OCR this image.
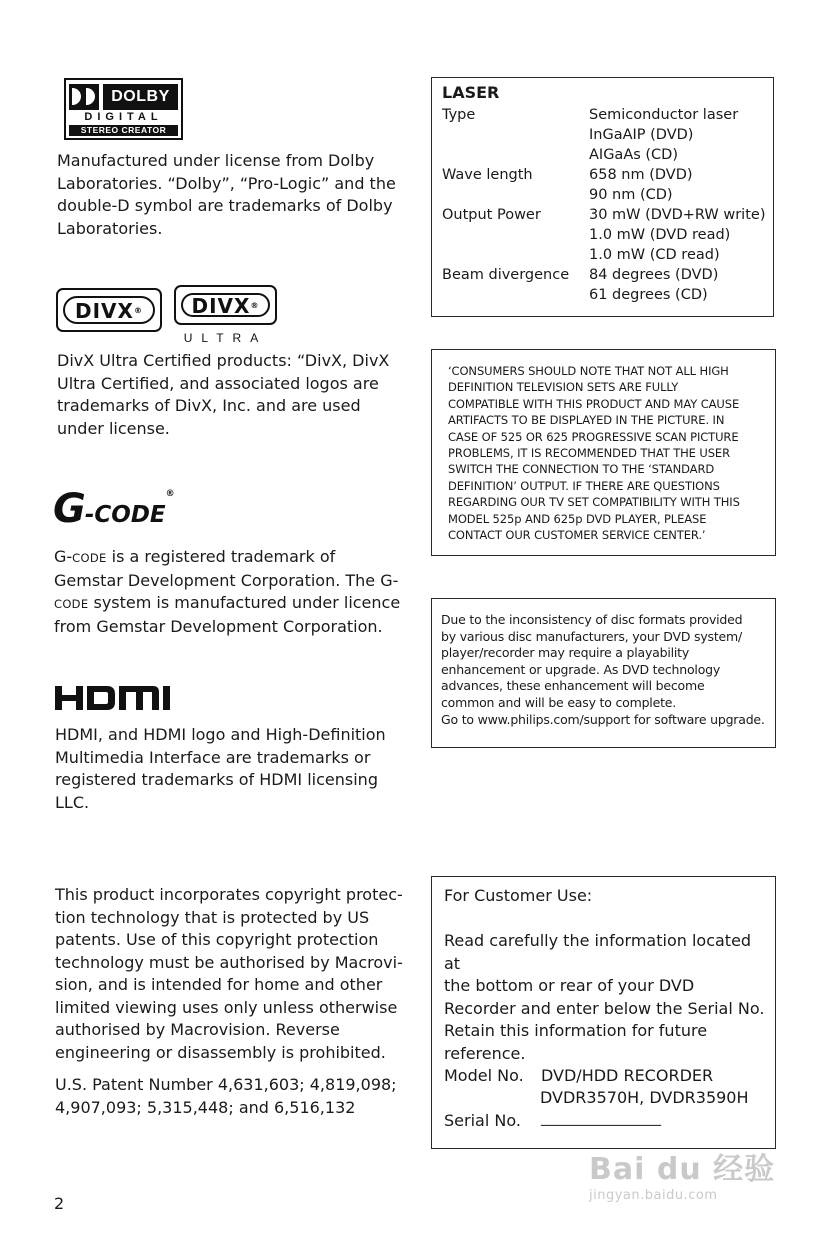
DOLBY
DIGITAL
STEREO CREATOR

Manufactured under license from Dolby Laboratories. “Dolby”, “Pro-Logic” and the double-D symbol are trademarks of Dolby Laboratories.

DIVX®	DIVX®
ULTRA

DivX Ultra Certified products: “DivX, DivX Ultra Certified, and associated logos are trademarks of DivX, Inc. and are used under license.

G-CODE®

G-CODE is a registered trademark of Gemstar Development Corporation. The G-CODE system is manufactured under licence from Gemstar Development Corporation.

HDMI, and HDMI logo and High-Definition Multimedia Interface are trademarks or registered trademarks of HDMI licensing LLC.

This product incorporates copyright protec-
tion technology that is protected by US
patents. Use of this copyright protection
technology must be authorised by Macrovi-
sion, and is intended for home and other
limited viewing uses only unless otherwise
authorised by Macrovision. Reverse
engineering or disassembly is prohibited.
U.S. Patent Number 4,631,603; 4,819,098;
4,907,093; 5,315,448; and 6,516,132
2
LASER
Type	Semiconductor laser
InGaAIP (DVD)
AIGaAs (CD)
Wave length	658 nm (DVD)
90 nm (CD)
Output Power	30 mW (DVD+RW write)
1.0 mW (DVD read)
1.0 mW (CD read)
Beam divergence 84 degrees (DVD)
61 degrees (CD)
‘CONSUMERS SHOULD NOTE THAT NOT ALL HIGH
DEFINITION TELEVISION SETS ARE FULLY
COMPATIBLE WITH THIS PRODUCT AND MAY CAUSE
ARTIFACTS TO BE DISPLAYED IN THE PICTURE. IN
CASE OF 525 OR 625 PROGRESSIVE SCAN PICTURE
PROBLEMS, IT IS RECOMMENDED THAT THE USER
SWITCH THE CONNECTION TO THE ‘STANDARD
DEFINITION’ OUTPUT. IF THERE ARE QUESTIONS
REGARDING OUR TV SET COMPATIBILITY WITH THIS
MODEL 525p AND 625p DVD PLAYER, PLEASE
CONTACT OUR CUSTOMER SERVICE CENTER.’
Due to the inconsistency of disc formats provided
by various disc manufacturers, your DVD system/
player/recorder may require a playability
enhancement or upgrade. As DVD technology
advances, these enhancement will become
common and will be easy to complete.
Go to www.philips.com/support for software upgrade.
For Customer Use:
Read carefully the information located at
the bottom or rear of your DVD
Recorder and enter below the Serial No.
Retain this information for future
reference.
Model No. DVD/HDD RECORDER
DVDR3570H, DVDR3590H
Serial No. _______________
Bai du 经验
jingyan.baidu.com
